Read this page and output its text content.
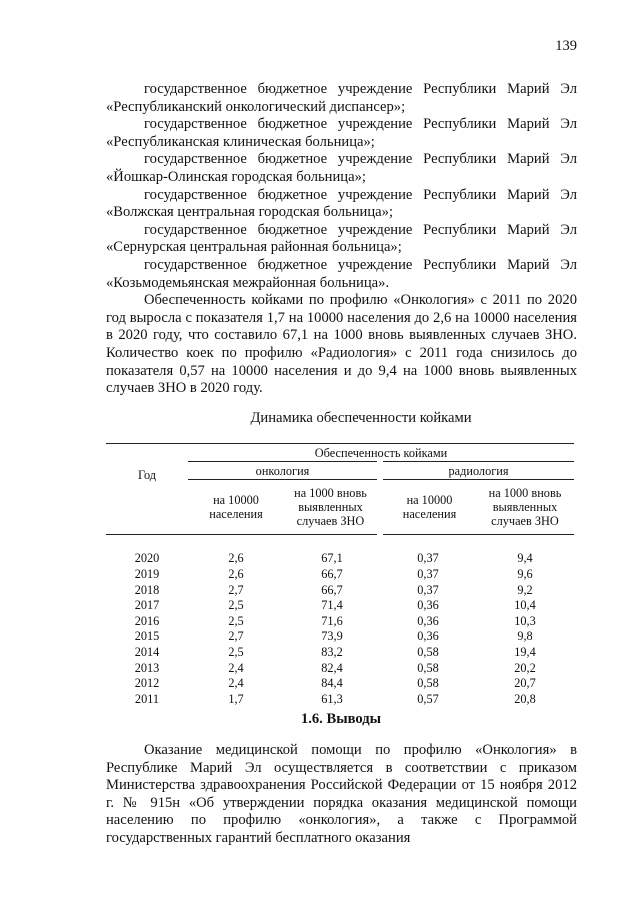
139

государственное бюджетное учреждение Республики Марий Эл «Республиканский онкологический диспансер»;

государственное бюджетное учреждение Республики Марий Эл «Республиканская клиническая больница»;

государственное бюджетное учреждение Республики Марий Эл «Йошкар-Олинская городская больница»;

государственное бюджетное учреждение Республики Марий Эл «Волжская центральная городская больница»;

государственное бюджетное учреждение Республики Марий Эл «Сернурская центральная районная больница»;

государственное бюджетное учреждение Республики Марий Эл «Козьмодемьянская межрайонная больница».

Обеспеченность койками по профилю «Онкология» с 2011 по 2020 год выросла с показателя 1,7 на 10000 населения до 2,6 на 10000 населения в 2020 году, что составило 67,1 на 1000 вновь выявленных случаев ЗНО. Количество коек по профилю «Радиология» с 2011 года снизилось до показателя 0,57 на 10000 населения и до 9,4 на 1000 вновь выявленных случаев ЗНО в 2020 году.

Динамика обеспеченности койками
Год	Обеспеченность койками			
	онкология		радиология	
	на 10000 населения	на 1000 вновь выявленных случаев ЗНО	на 10000 населения	на 1000 вновь выявленных случаев ЗНО

2020	2,6	67,1	0,37	9,4
2019	2,6	66,7	0,37	9,6
2018	2,7	66,7	0,37	9,2
2017	2,5	71,4	0,36	10,4
2016	2,5	71,6	0,36	10,3
2015	2,7	73,9	0,36	9,8
2014	2,5	83,2	0,58	19,4
2013	2,4	82,4	0,58	20,2
2012	2,4	84,4	0,58	20,7
2011	1,7	61,3	0,57	20,8
1.6. Выводы

Оказание медицинской помощи по профилю «Онкология» в Республике Марий Эл осуществляется в соответствии с приказом Министерства здравоохранения Российской Федерации от 15 ноября 2012 г. № 915н «Об утверждении порядка оказания медицинской помощи населению по профилю «онкология», а также с Программой государственных гарантий бесплатного оказания
